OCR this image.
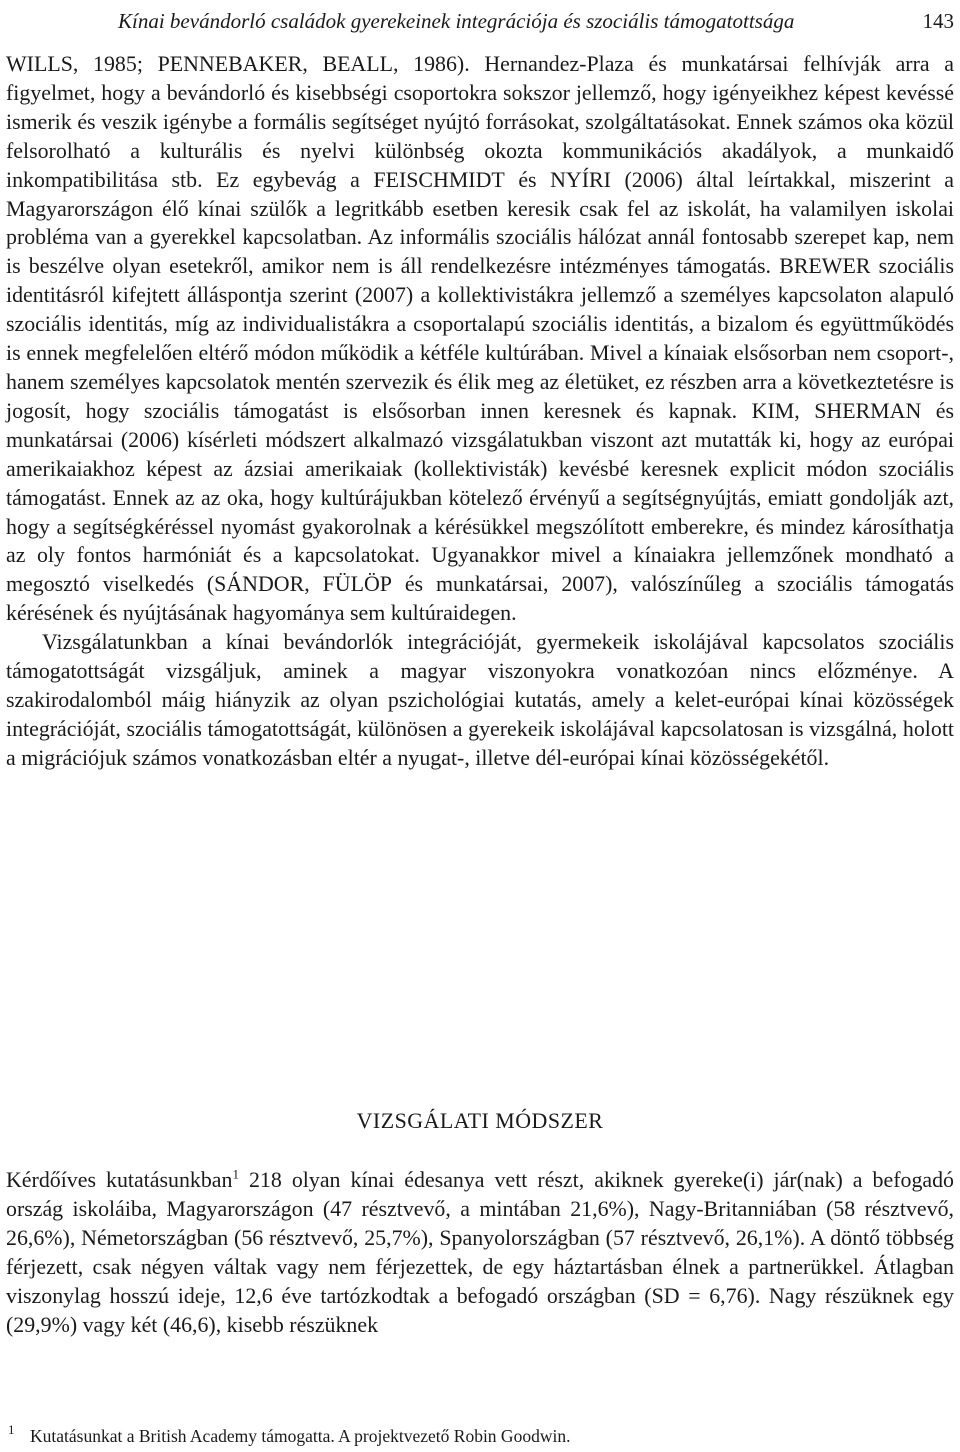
Kínai bevándorló családok gyerekeinek integrációja és szociális támogatottsága	143

WILLS, 1985; PENNEBAKER, BEALL, 1986). Hernandez-Plaza és munkatársai felhívják arra a figyelmet, hogy a bevándorló és kisebbségi csoportokra sokszor jellemző, hogy igényeikhez képest kevéssé ismerik és veszik igénybe a formális segítséget nyújtó forrásokat, szolgáltatásokat. Ennek számos oka közül felsorolható a kulturális és nyelvi különbség okozta kommunikációs akadályok, a munkaidő inkompatibilitása stb. Ez egybevág a FEISCHMIDT és NYÍRI (2006) által leírtakkal, miszerint a Magyarországon élő kínai szülők a legritkább esetben keresik csak fel az iskolát, ha valamilyen iskolai probléma van a gyerekkel kapcsolatban. Az informális szociális hálózat annál fontosabb szerepet kap, nem is beszélve olyan esetekről, amikor nem is áll rendelkezésre intézményes támogatás. BREWER szociális identitásról kifejtett álláspontja szerint (2007) a kollektivistákra jellemző a személyes kapcsolaton alapuló szociális identitás, míg az individualistákra a csoportalapú szociális identitás, a bizalom és együttműködés is ennek megfelelően eltérő módon működik a kétféle kultúrában. Mivel a kínaiak elsősorban nem csoport-, hanem személyes kapcsolatok mentén szervezik és élik meg az életüket, ez részben arra a következtetésre is jogosít, hogy szociális támogatást is elsősorban innen keresnek és kapnak. KIM, SHERMAN és munkatársai (2006) kísérleti módszert alkalmazó vizsgálatukban viszont azt mutatták ki, hogy az európai amerikaiakhoz képest az ázsiai amerikaiak (kollektivisták) kevésbé keresnek explicit módon szociális támogatást. Ennek az az oka, hogy kultúrájukban kötelező érvényű a segítségnyújtás, emiatt gondolják azt, hogy a segítségkéréssel nyomást gyakorolnak a kérésükkel megszólított emberekre, és mindez károsíthatja az oly fontos harmóniát és a kapcsolatokat. Ugyanakkor mivel a kínaiakra jellemzőnek mondható a megosztó viselkedés (SÁNDOR, FÜLÖP és munkatársai, 2007), valószínűleg a szociális támogatás kérésének és nyújtásának hagyománya sem kultúraidegen.

Vizsgálatunkban a kínai bevándorlók integrációját, gyermekeik iskolájával kapcsolatos szociális támogatottságát vizsgáljuk, aminek a magyar viszonyokra vonatkozóan nincs előzménye. A szakirodalomból máig hiányzik az olyan pszichológiai kutatás, amely a kelet-európai kínai közösségek integrációját, szociális támogatottságát, különösen a gyerekeik iskolájával kapcsolatosan is vizsgálná, holott a migrációjuk számos vonatkozásban eltér a nyugat-, illetve dél-európai kínai közösségekétől.

VIZSGÁLATI MÓDSZER

Kérdőíves kutatásunkban$^1$ 218 olyan kínai édesanya vett részt, akiknek gyereke(i) jár(nak) a befogadó ország iskoláiba, Magyarországon (47 résztvevő, a mintában 21,6%), Nagy-Britanniában (58 résztvevő, 26,6%), Németországban (56 résztvevő, 25,7%), Spanyolországban (57 résztvevő, 26,1%). A döntő többség férjezett, csak négyen váltak vagy nem férjezettek, de egy háztartásban élnek a partnerükkel. Átlagban viszonylag hosszú ideje, 12,6 éve tartózkodtak a befogadó országban (SD = 6,76). Nagy részüknek egy (29,9%) vagy két (46,6), kisebb részüknek

1 Kutatásunkat a British Academy támogatta. A projektvezető Robin Goodwin.
